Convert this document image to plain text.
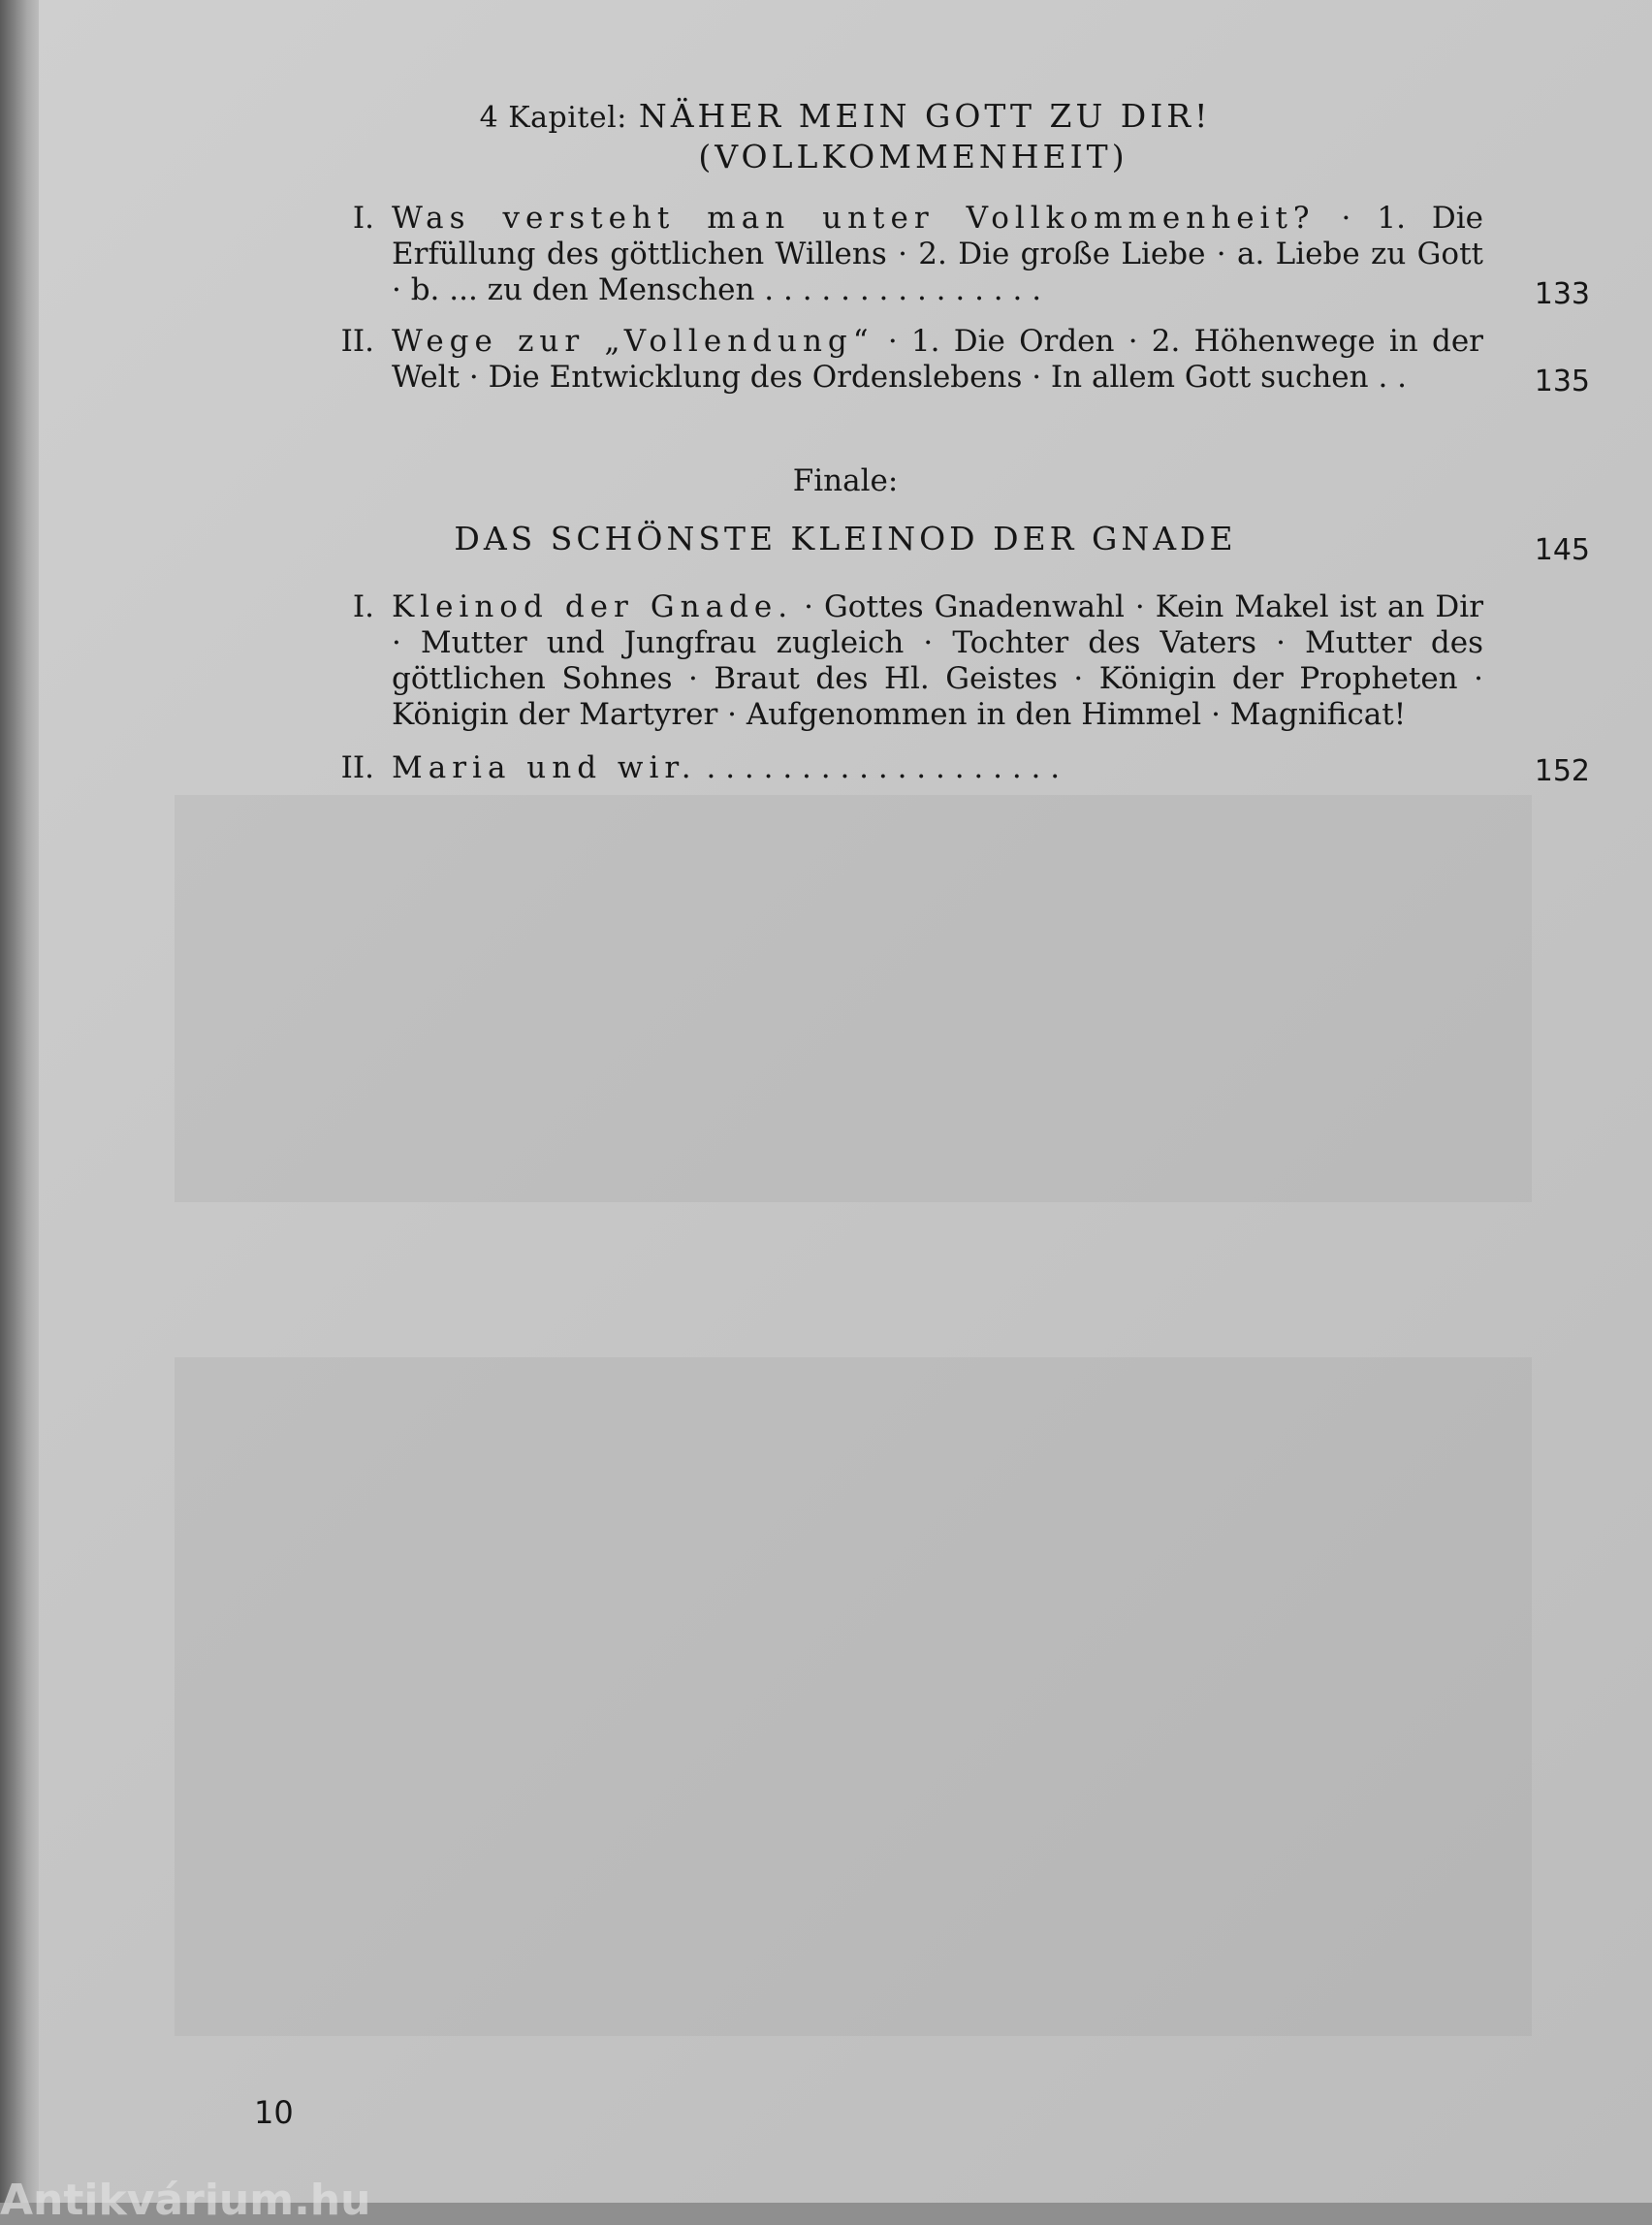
4 Kapitel: NÄHER MEIN GOTT ZU DIR!
(VOLLKOMMENHEIT)
I. Was versteht man unter Vollkommenheit? · 1. Die Erfüllung des göttlichen Willens · 2. Die große Liebe · a. Liebe zu Gott · b. ... zu den Menschen . . . . . . . . . . . . . . .	133
II. Wege zur „Vollendung“ · 1. Die Orden · 2. Höhenwege in der Welt · Die Entwicklung des Ordenslebens · In allem Gott suchen . .	135
Finale:
DAS SCHÖNSTE KLEINOD DER GNADE	145
I. Kleinod der Gnade. · Gottes Gnadenwahl · Kein Makel ist an Dir · Mutter und Jungfrau zugleich · Tochter des Vaters · Mutter des göttlichen Sohnes · Braut des Hl. Geistes · Königin der Propheten · Königin der Martyrer · Aufgenommen in den Himmel · Magnificat!
II. Maria und wir. . . . . . . . . . . . . . . . . . . .	152
10
Antikvárium.hu
